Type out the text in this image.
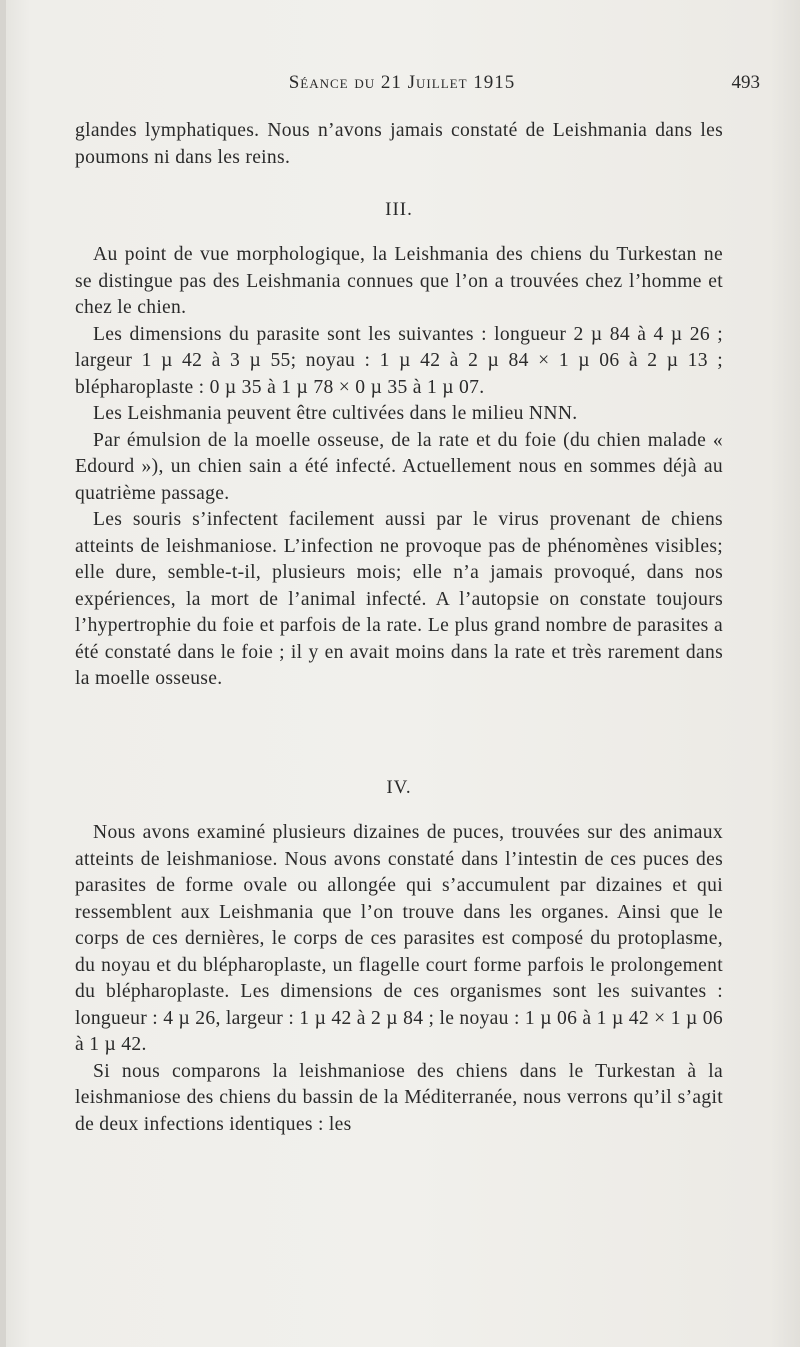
Séance du 21 Juillet 1915	493

glandes lymphatiques. Nous n’avons jamais constaté de Leishmania dans les poumons ni dans les reins.

III.

Au point de vue morphologique, la Leishmania des chiens du Turkestan ne se distingue pas des Leishmania connues que l’on a trouvées chez l’homme et chez le chien.

Les dimensions du parasite sont les suivantes : longueur 2 µ 84 à 4 µ 26 ; largeur 1 µ 42 à 3 µ 55; noyau : 1 µ 42 à 2 µ 84 × 1 µ 06 à 2 µ 13 ; blépharoplaste : 0 µ 35 à 1 µ 78 × 0 µ 35 à 1 µ 07.

Les Leishmania peuvent être cultivées dans le milieu NNN.

Par émulsion de la moelle osseuse, de la rate et du foie (du chien malade « Edourd »), un chien sain a été infecté. Actuellement nous en sommes déjà au quatrième passage.

Les souris s’infectent facilement aussi par le virus provenant de chiens atteints de leishmaniose. L’infection ne provoque pas de phénomènes visibles; elle dure, semble-t-il, plusieurs mois; elle n’a jamais provoqué, dans nos expériences, la mort de l’animal infecté. A l’autopsie on constate toujours l’hypertrophie du foie et parfois de la rate. Le plus grand nombre de parasites a été constaté dans le foie ; il y en avait moins dans la rate et très rarement dans la moelle osseuse.

IV.

Nous avons examiné plusieurs dizaines de puces, trouvées sur des animaux atteints de leishmaniose. Nous avons constaté dans l’intestin de ces puces des parasites de forme ovale ou allongée qui s’accumulent par dizaines et qui ressemblent aux Leishmania que l’on trouve dans les organes. Ainsi que le corps de ces dernières, le corps de ces parasites est composé du protoplasme, du noyau et du blépharoplaste, un flagelle court forme parfois le prolongement du blépharoplaste. Les dimensions de ces organismes sont les suivantes : longueur : 4 µ 26, largeur : 1 µ 42 à 2 µ 84 ; le noyau : 1 µ 06 à 1 µ 42 × 1 µ 06 à 1 µ 42.

Si nous comparons la leishmaniose des chiens dans le Turkestan à la leishmaniose des chiens du bassin de la Méditerranée, nous verrons qu’il s’agit de deux infections identiques : les
